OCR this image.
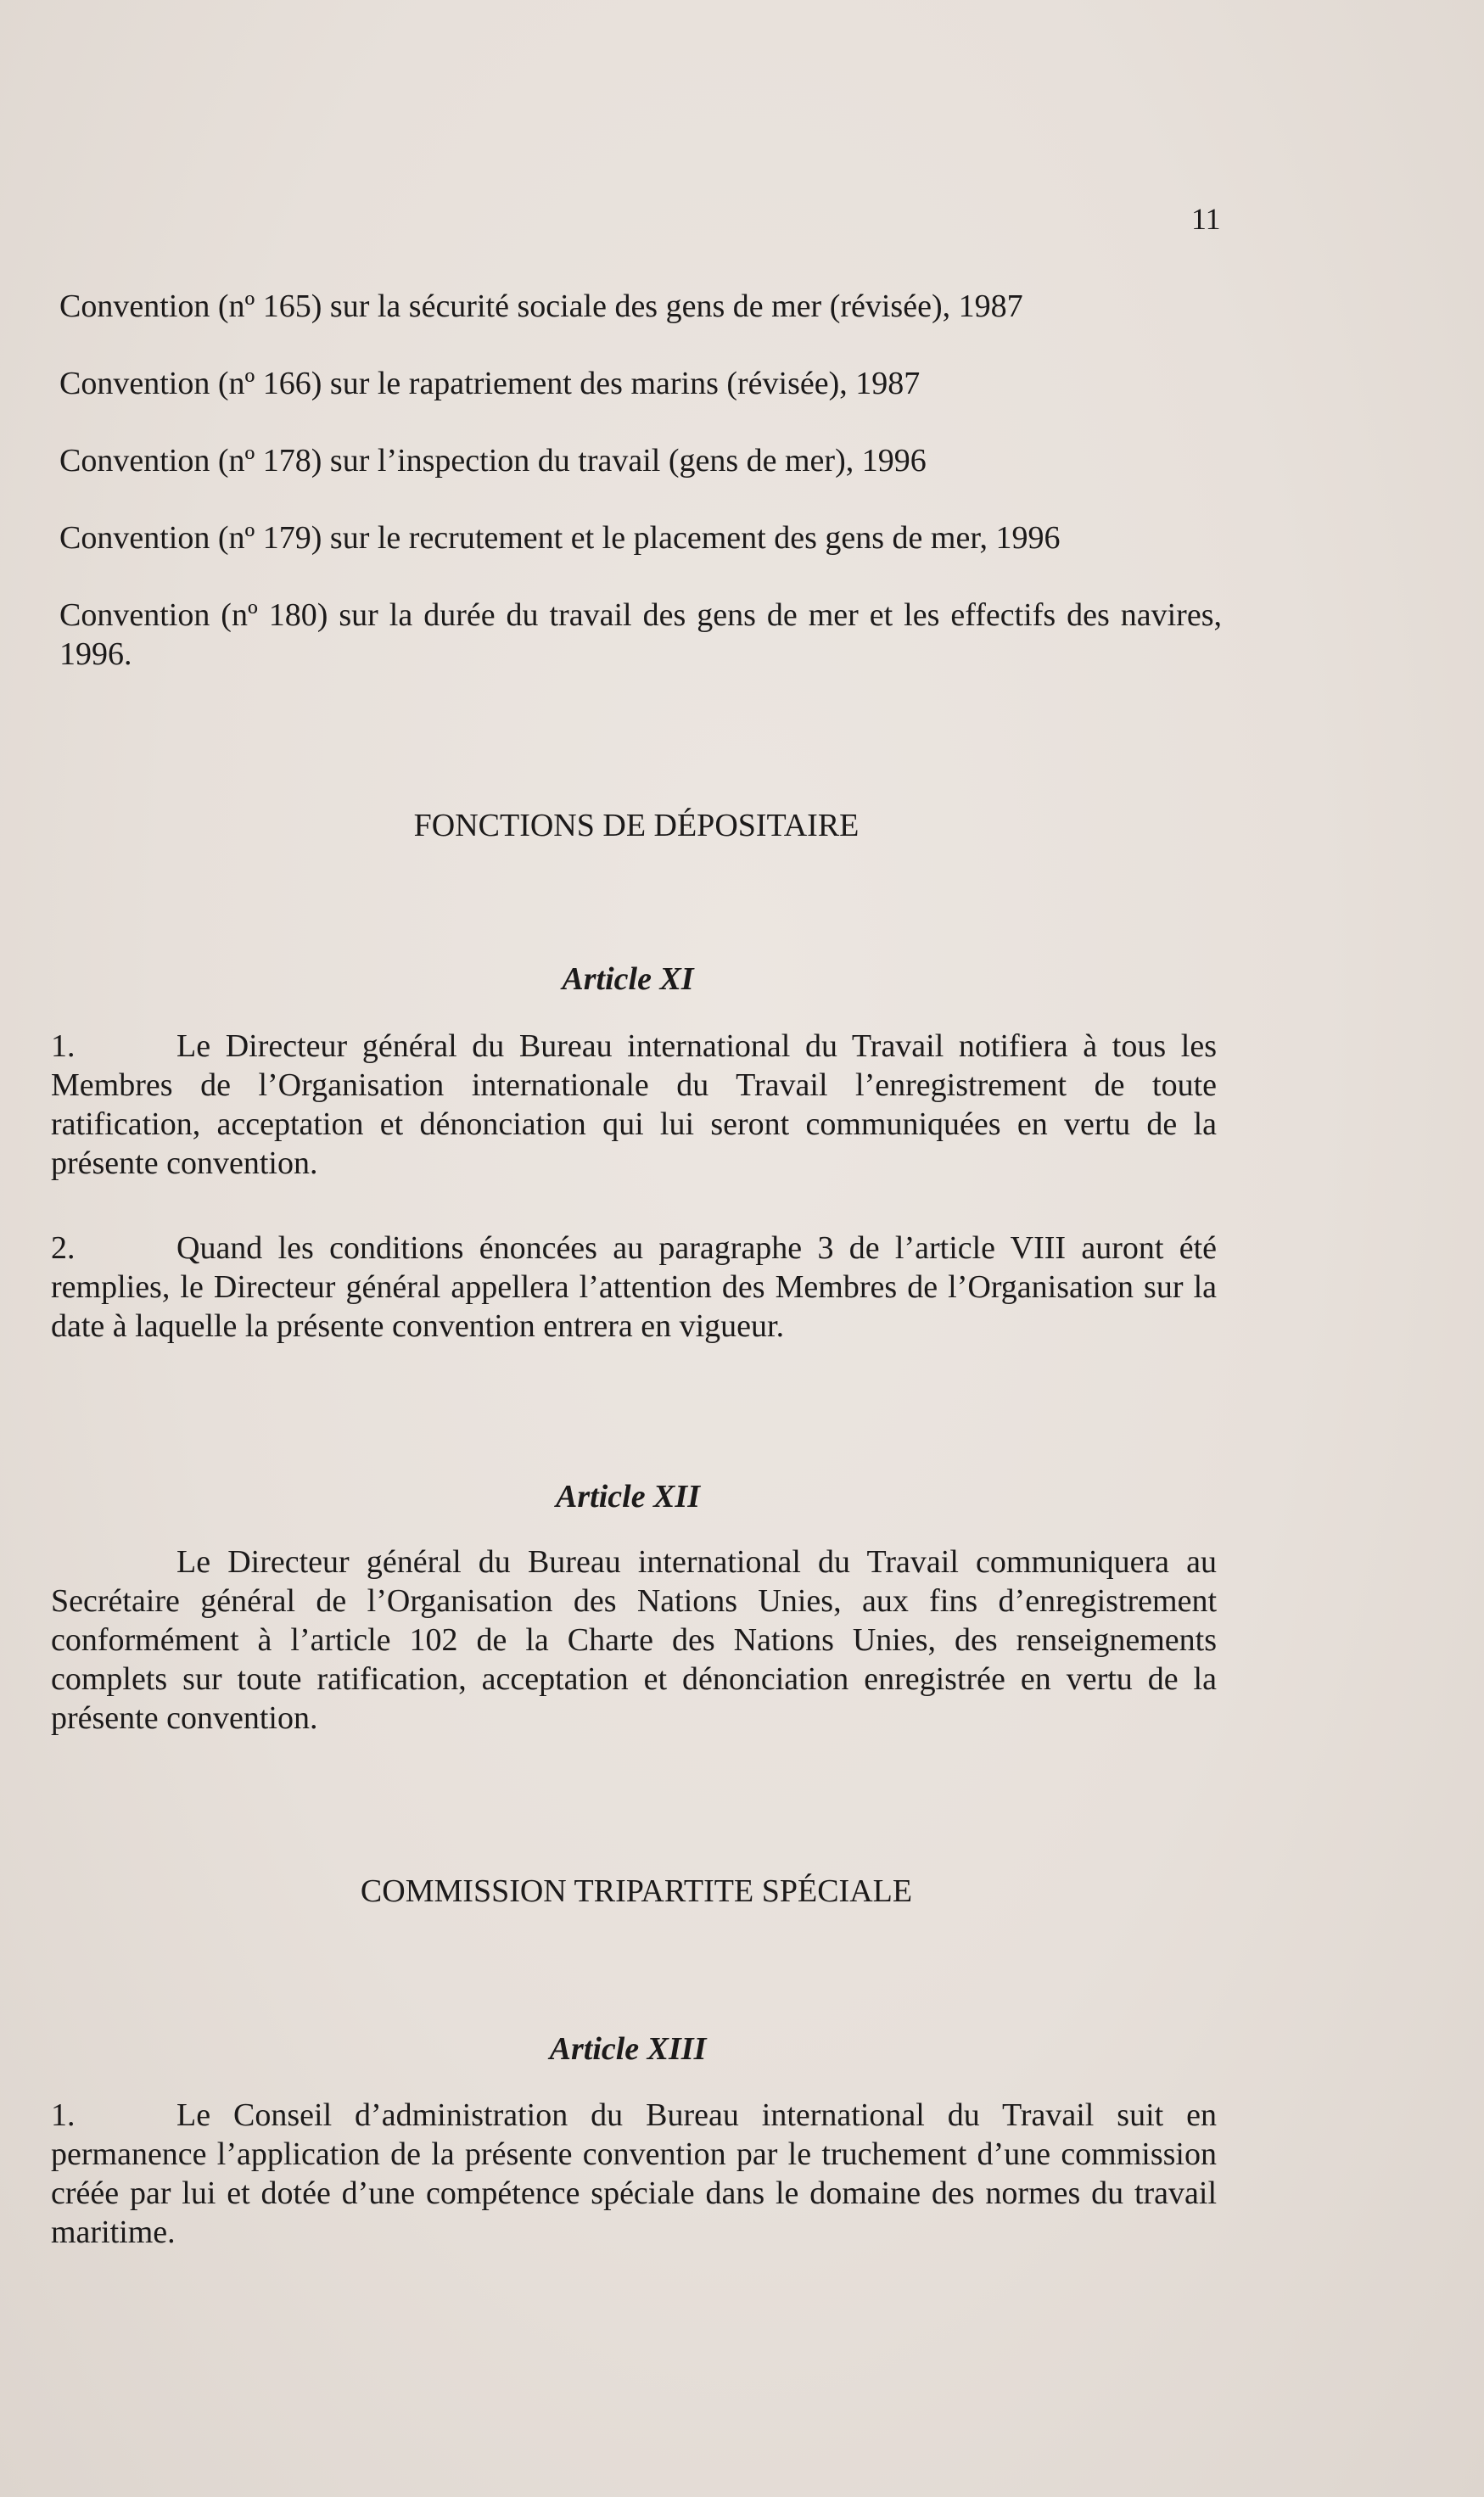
11
Convention (nº 165) sur la sécurité sociale des gens de mer (révisée), 1987
Convention (nº 166) sur le rapatriement des marins (révisée), 1987
Convention (nº 178) sur l’inspection du travail (gens de mer), 1996
Convention (nº 179) sur le recrutement et le placement des gens de mer, 1996
Convention (nº 180) sur la durée du travail des gens de mer et les effectifs des navires, 1996.
FONCTIONS DE DÉPOSITAIRE
Article XI
1.	Le Directeur général du Bureau international du Travail notifiera à tous les Membres de l’Organisation internationale du Travail l’enregistrement de toute ratification, acceptation et dénonciation qui lui seront communiquées en vertu de la présente convention.
2.	Quand les conditions énoncées au paragraphe 3 de l’article VIII auront été remplies, le Directeur général appellera l’attention des Membres de l’Organisation sur la date à laquelle la présente convention entrera en vigueur.
Article XII
Le Directeur général du Bureau international du Travail communiquera au Secrétaire général de l’Organisation des Nations Unies, aux fins d’enregistrement conformément à l’article 102 de la Charte des Nations Unies, des renseignements complets sur toute ratification, acceptation et dénonciation enregistrée en vertu de la présente convention.
COMMISSION TRIPARTITE SPÉCIALE
Article XIII
1.	Le Conseil d’administration du Bureau international du Travail suit en permanence l’application de la présente convention par le truchement d’une commission créée par lui et dotée d’une compétence spéciale dans le domaine des normes du travail maritime.
